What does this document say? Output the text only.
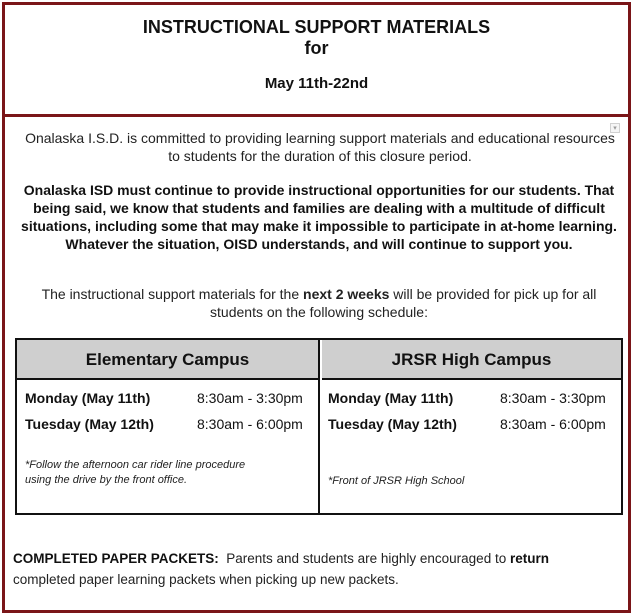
INSTRUCTIONAL SUPPORT MATERIALS
for
May 11th-22nd
▾
Onalaska I.S.D. is committed to providing learning support materials and educational resources to students for the duration of this closure period.
Onalaska ISD must continue to provide instructional opportunities for our students. That being said, we know that students and families are dealing with a multitude of difficult situations, including some that may make it impossible to participate in at-home learning. Whatever the situation, OISD understands, and will continue to support you.
The instructional support materials for the next 2 weeks will be provided for pick up for all students on the following schedule:
Elementary Campus
Monday (May 11th)	8:30am - 3:30pm
Tuesday (May 12th)	8:30am - 6:00pm
*Follow the afternoon car rider line procedure
using the drive by the front office.
JRSR High Campus
Monday (May 11th)	8:30am - 3:30pm
Tuesday (May 12th)	8:30am - 6:00pm
*Front of JRSR High School
COMPLETED PAPER PACKETS:  Parents and students are highly encouraged to return completed paper learning packets when picking up new packets.
